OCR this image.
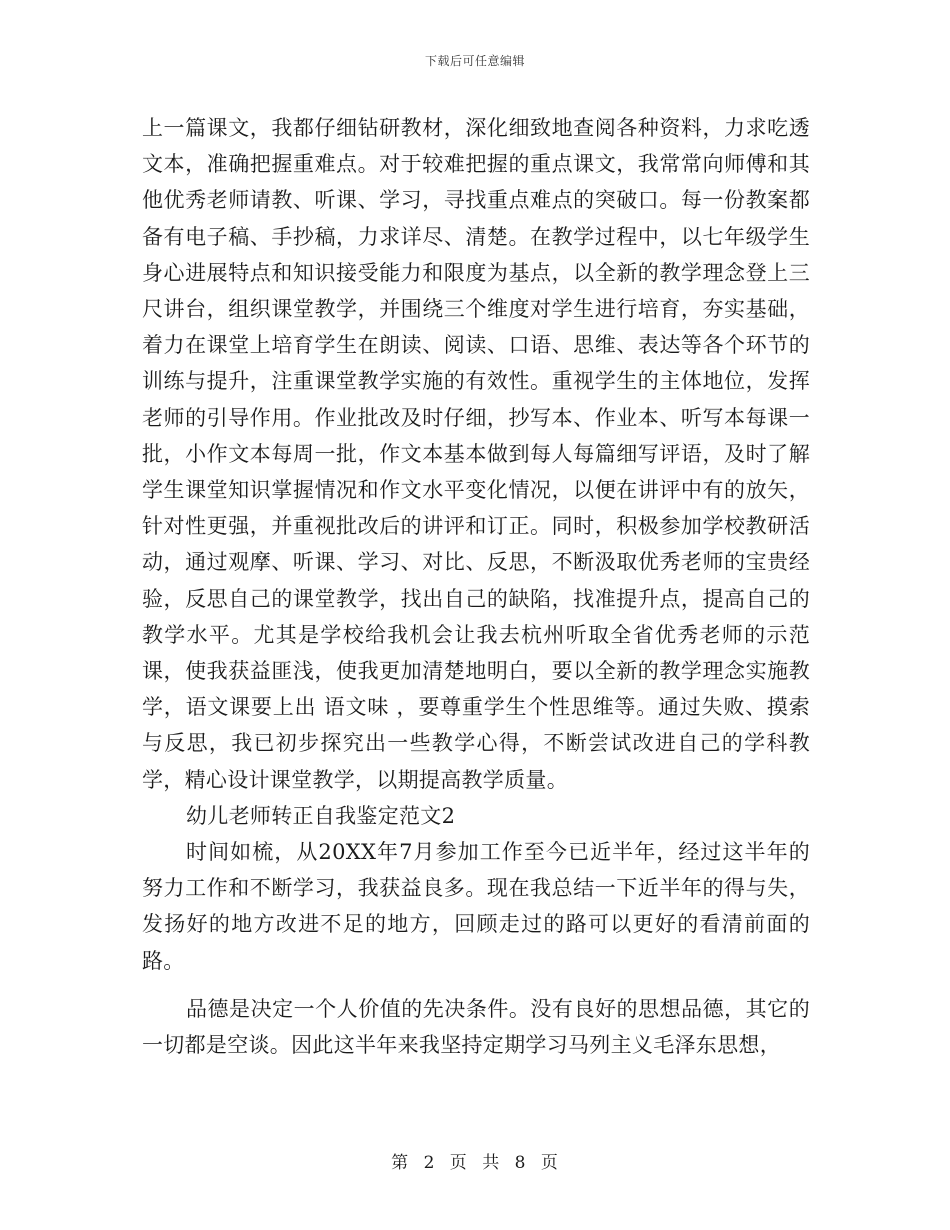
下载后可任意编辑

上一篇课文，我都仔细钻研教材，深化细致地查阅各种资料，力求吃透文本，准确把握重难点。对于较难把握的重点课文，我常常向师傅和其他优秀老师请教、听课、学习，寻找重点难点的突破口。每一份教案都备有电子稿、手抄稿，力求详尽、清楚。在教学过程中，以七年级学生身心进展特点和知识接受能力和限度为基点，以全新的教学理念登上三尺讲台，组织课堂教学，并围绕三个维度对学生进行培育，夯实基础，着力在课堂上培育学生在朗读、阅读、口语、思维、表达等各个环节的训练与提升，注重课堂教学实施的有效性。重视学生的主体地位，发挥老师的引导作用。作业批改及时仔细，抄写本、作业本、听写本每课一批，小作文本每周一批，作文本基本做到每人每篇细写评语，及时了解学生课堂知识掌握情况和作文水平变化情况，以便在讲评中有的放矢，针对性更强，并重视批改后的讲评和订正。同时，积极参加学校教研活动，通过观摩、听课、学习、对比、反思，不断汲取优秀老师的宝贵经验，反思自己的课堂教学，找出自己的缺陷，找准提升点，提高自己的教学水平。尤其是学校给我机会让我去杭州听取全省优秀老师的示范课，使我获益匪浅，使我更加清楚地明白，要以全新的教学理念实施教学，语文课要上出 语文味 ，要尊重学生个性思维等。通过失败、摸索与反思，我已初步探究出一些教学心得，不断尝试改进自己的学科教学，精心设计课堂教学，以期提高教学质量。

幼儿老师转正自我鉴定范文2

时间如梳，从20XX年7月参加工作至今已近半年，经过这半年的努力工作和不断学习，我获益良多。现在我总结一下近半年的得与失，发扬好的地方改进不足的地方，回顾走过的路可以更好的看清前面的路。

品德是决定一个人价值的先决条件。没有良好的思想品德，其它的一切都是空谈。因此这半年来我坚持定期学习马列主义毛泽东思想，

第 2 页 共 8 页
